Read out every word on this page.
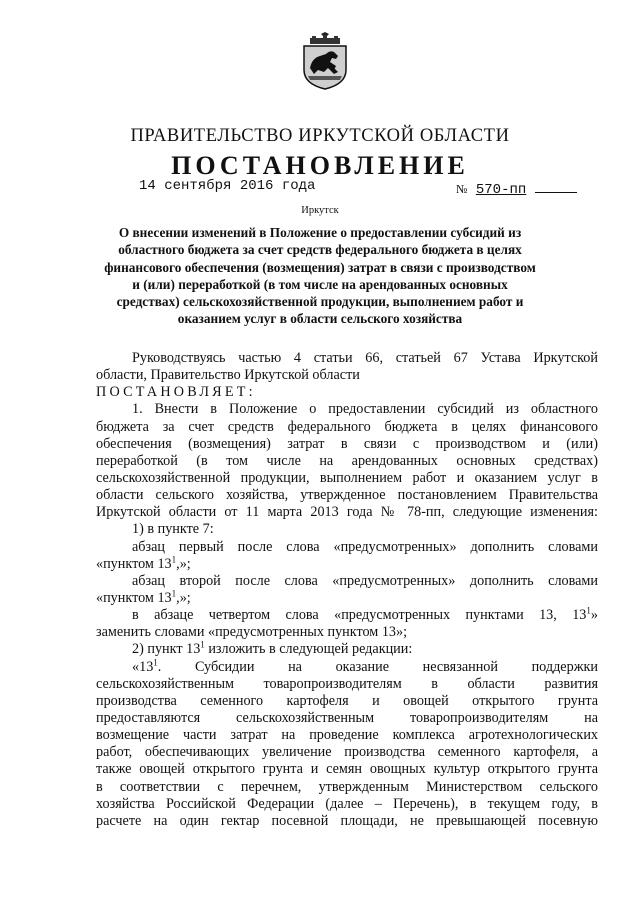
ПРАВИТЕЛЬСТВО ИРКУТСКОЙ ОБЛАСТИ
ПОСТАНОВЛЕНИЕ
14 сентября 2016 года	№ 570-пп
Иркутск
О внесении изменений в Положение о предоставлении субсидий из
областного бюджета за счет средств федерального бюджета в целях
финансового обеспечения (возмещения) затрат в связи с производством
и (или) переработкой (в том числе на арендованных основных
средствах) сельскохозяйственной продукции, выполнением работ и
оказанием услуг в области сельского хозяйства
Руководствуясь частью 4 статьи 66, статьей 67 Устава Иркутской
области, Правительство Иркутской области
ПОСТАНОВЛЯЕТ:
1. Внести в Положение о предоставлении субсидий из областного
бюджета за счет средств федерального бюджета в целях финансового
обеспечения (возмещения) затрат в связи с производством и (или)
переработкой (в том числе на арендованных основных средствах)
сельскохозяйственной продукции, выполнением работ и оказанием услуг в
области сельского хозяйства, утвержденное постановлением Правительства
Иркутской области от 11 марта 2013 года № 78-пп, следующие изменения:
1) в пункте 7:
абзац первый после слова «предусмотренных» дополнить словами
«пунктом $13^1$,»;
абзац второй после слова «предусмотренных» дополнить словами
«пунктом $13^1$,»;
в абзаце четвертом слова «предусмотренных пунктами 13, $13^1$»
заменить словами «предусмотренных пунктом 13»;
2) пункт $13^1$ изложить в следующей редакции:
«$13^1$. Субсидии на оказание несвязанной поддержки
сельскохозяйственным товаропроизводителям в области развития
производства семенного картофеля и овощей открытого грунта
предоставляются сельскохозяйственным товаропроизводителям на
возмещение части затрат на проведение комплекса агротехнологических
работ, обеспечивающих увеличение производства семенного картофеля, а
также овощей открытого грунта и семян овощных культур открытого грунта
в соответствии с перечнем, утвержденным Министерством сельского
хозяйства Российской Федерации (далее – Перечень), в текущем году, в
расчете на один гектар посевной площади, не превышающей посевную
